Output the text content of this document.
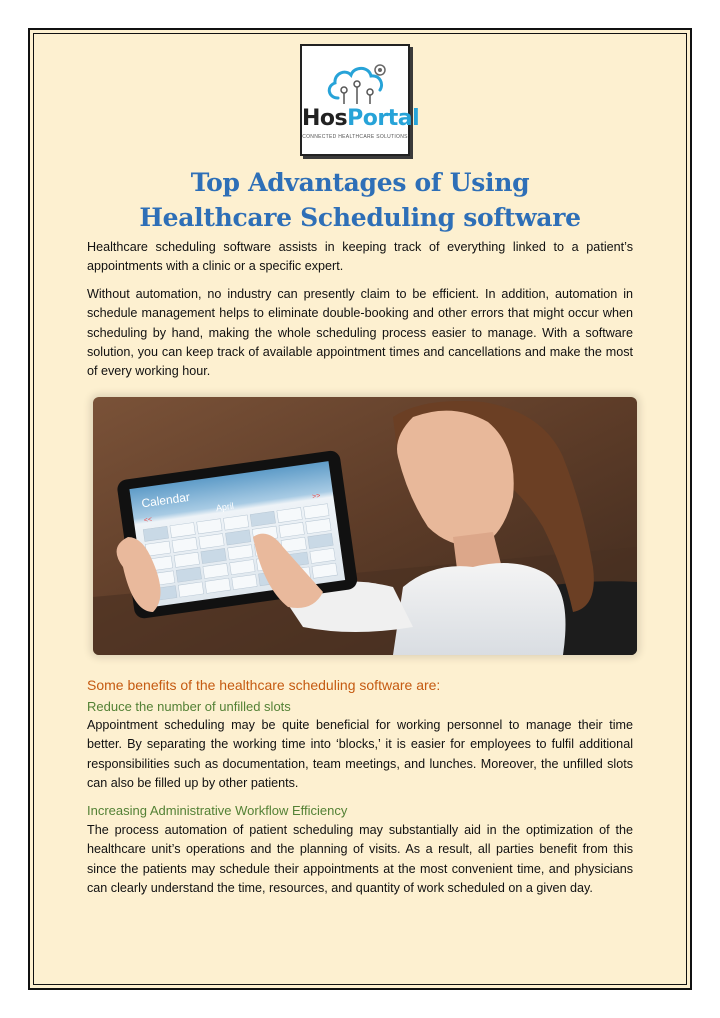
HosPortal
CONNECTED HEALTHCARE SOLUTIONS
Top Advantages of Using
Healthcare Scheduling software

Healthcare scheduling software assists in keeping track of everything linked to a patient’s appointments with a clinic or a specific expert.

Without automation, no industry can presently claim to be efficient. In addition, automation in schedule management helps to eliminate double-booking and other errors that might occur when scheduling by hand, making the whole scheduling process easier to manage. With a software solution, you can keep track of available appointment times and cancellations and make the most of every working hour.

Calendar	April
<<
>>
Some benefits of the healthcare scheduling software are:
Reduce the number of unfilled slots

Appointment scheduling may be quite beneficial for working personnel to manage their time better. By separating the working time into ‘blocks,’ it is easier for employees to fulfil additional responsibilities such as documentation, team meetings, and lunches. Moreover, the unfilled slots can also be filled up by other patients.

Increasing Administrative Workflow Efficiency

The process automation of patient scheduling may substantially aid in the optimization of the healthcare unit’s operations and the planning of visits. As a result, all parties benefit from this since the patients may schedule their appointments at the most convenient time, and physicians can clearly understand the time, resources, and quantity of work scheduled on a given day.
